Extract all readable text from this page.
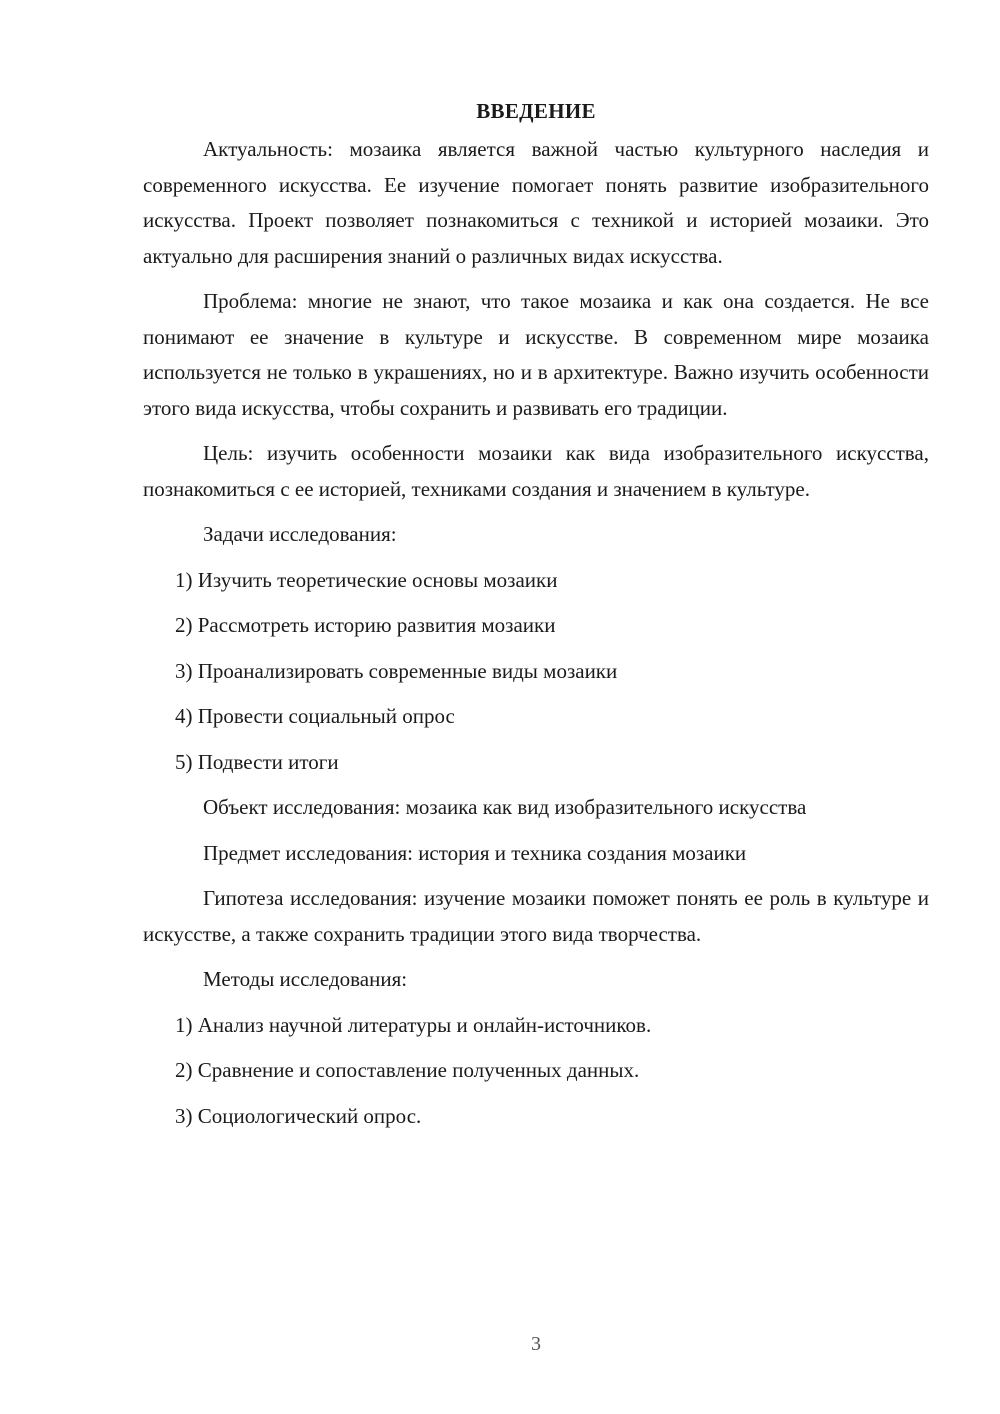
ВВЕДЕНИЕ

Актуальность: мозаика является важной частью культурного наследия и современного искусства. Ее изучение помогает понять развитие изобразительного искусства. Проект позволяет познакомиться с техникой и историей мозаики. Это актуально для расширения знаний о различных видах искусства.

Проблема: многие не знают, что такое мозаика и как она создается. Не все понимают ее значение в культуре и искусстве. В современном мире мозаика используется не только в украшениях, но и в архитектуре. Важно изучить особенности этого вида искусства, чтобы сохранить и развивать его традиции.

Цель: изучить особенности мозаики как вида изобразительного искусства, познакомиться с ее историей, техниками создания и значением в культуре.

Задачи исследования:
1) Изучить теоретические основы мозаики
2) Рассмотреть историю развития мозаики
3) Проанализировать современные виды мозаики
4) Провести социальный опрос
5) Подвести итоги
Объект исследования: мозаика как вид изобразительного искусства
Предмет исследования: история и техника создания мозаики

Гипотеза исследования: изучение мозаики поможет понять ее роль в культуре и искусстве, а также сохранить традиции этого вида творчества.

Методы исследования:
1) Анализ научной литературы и онлайн-источников.
2) Сравнение и сопоставление полученных данных.
3) Социологический опрос.
3
